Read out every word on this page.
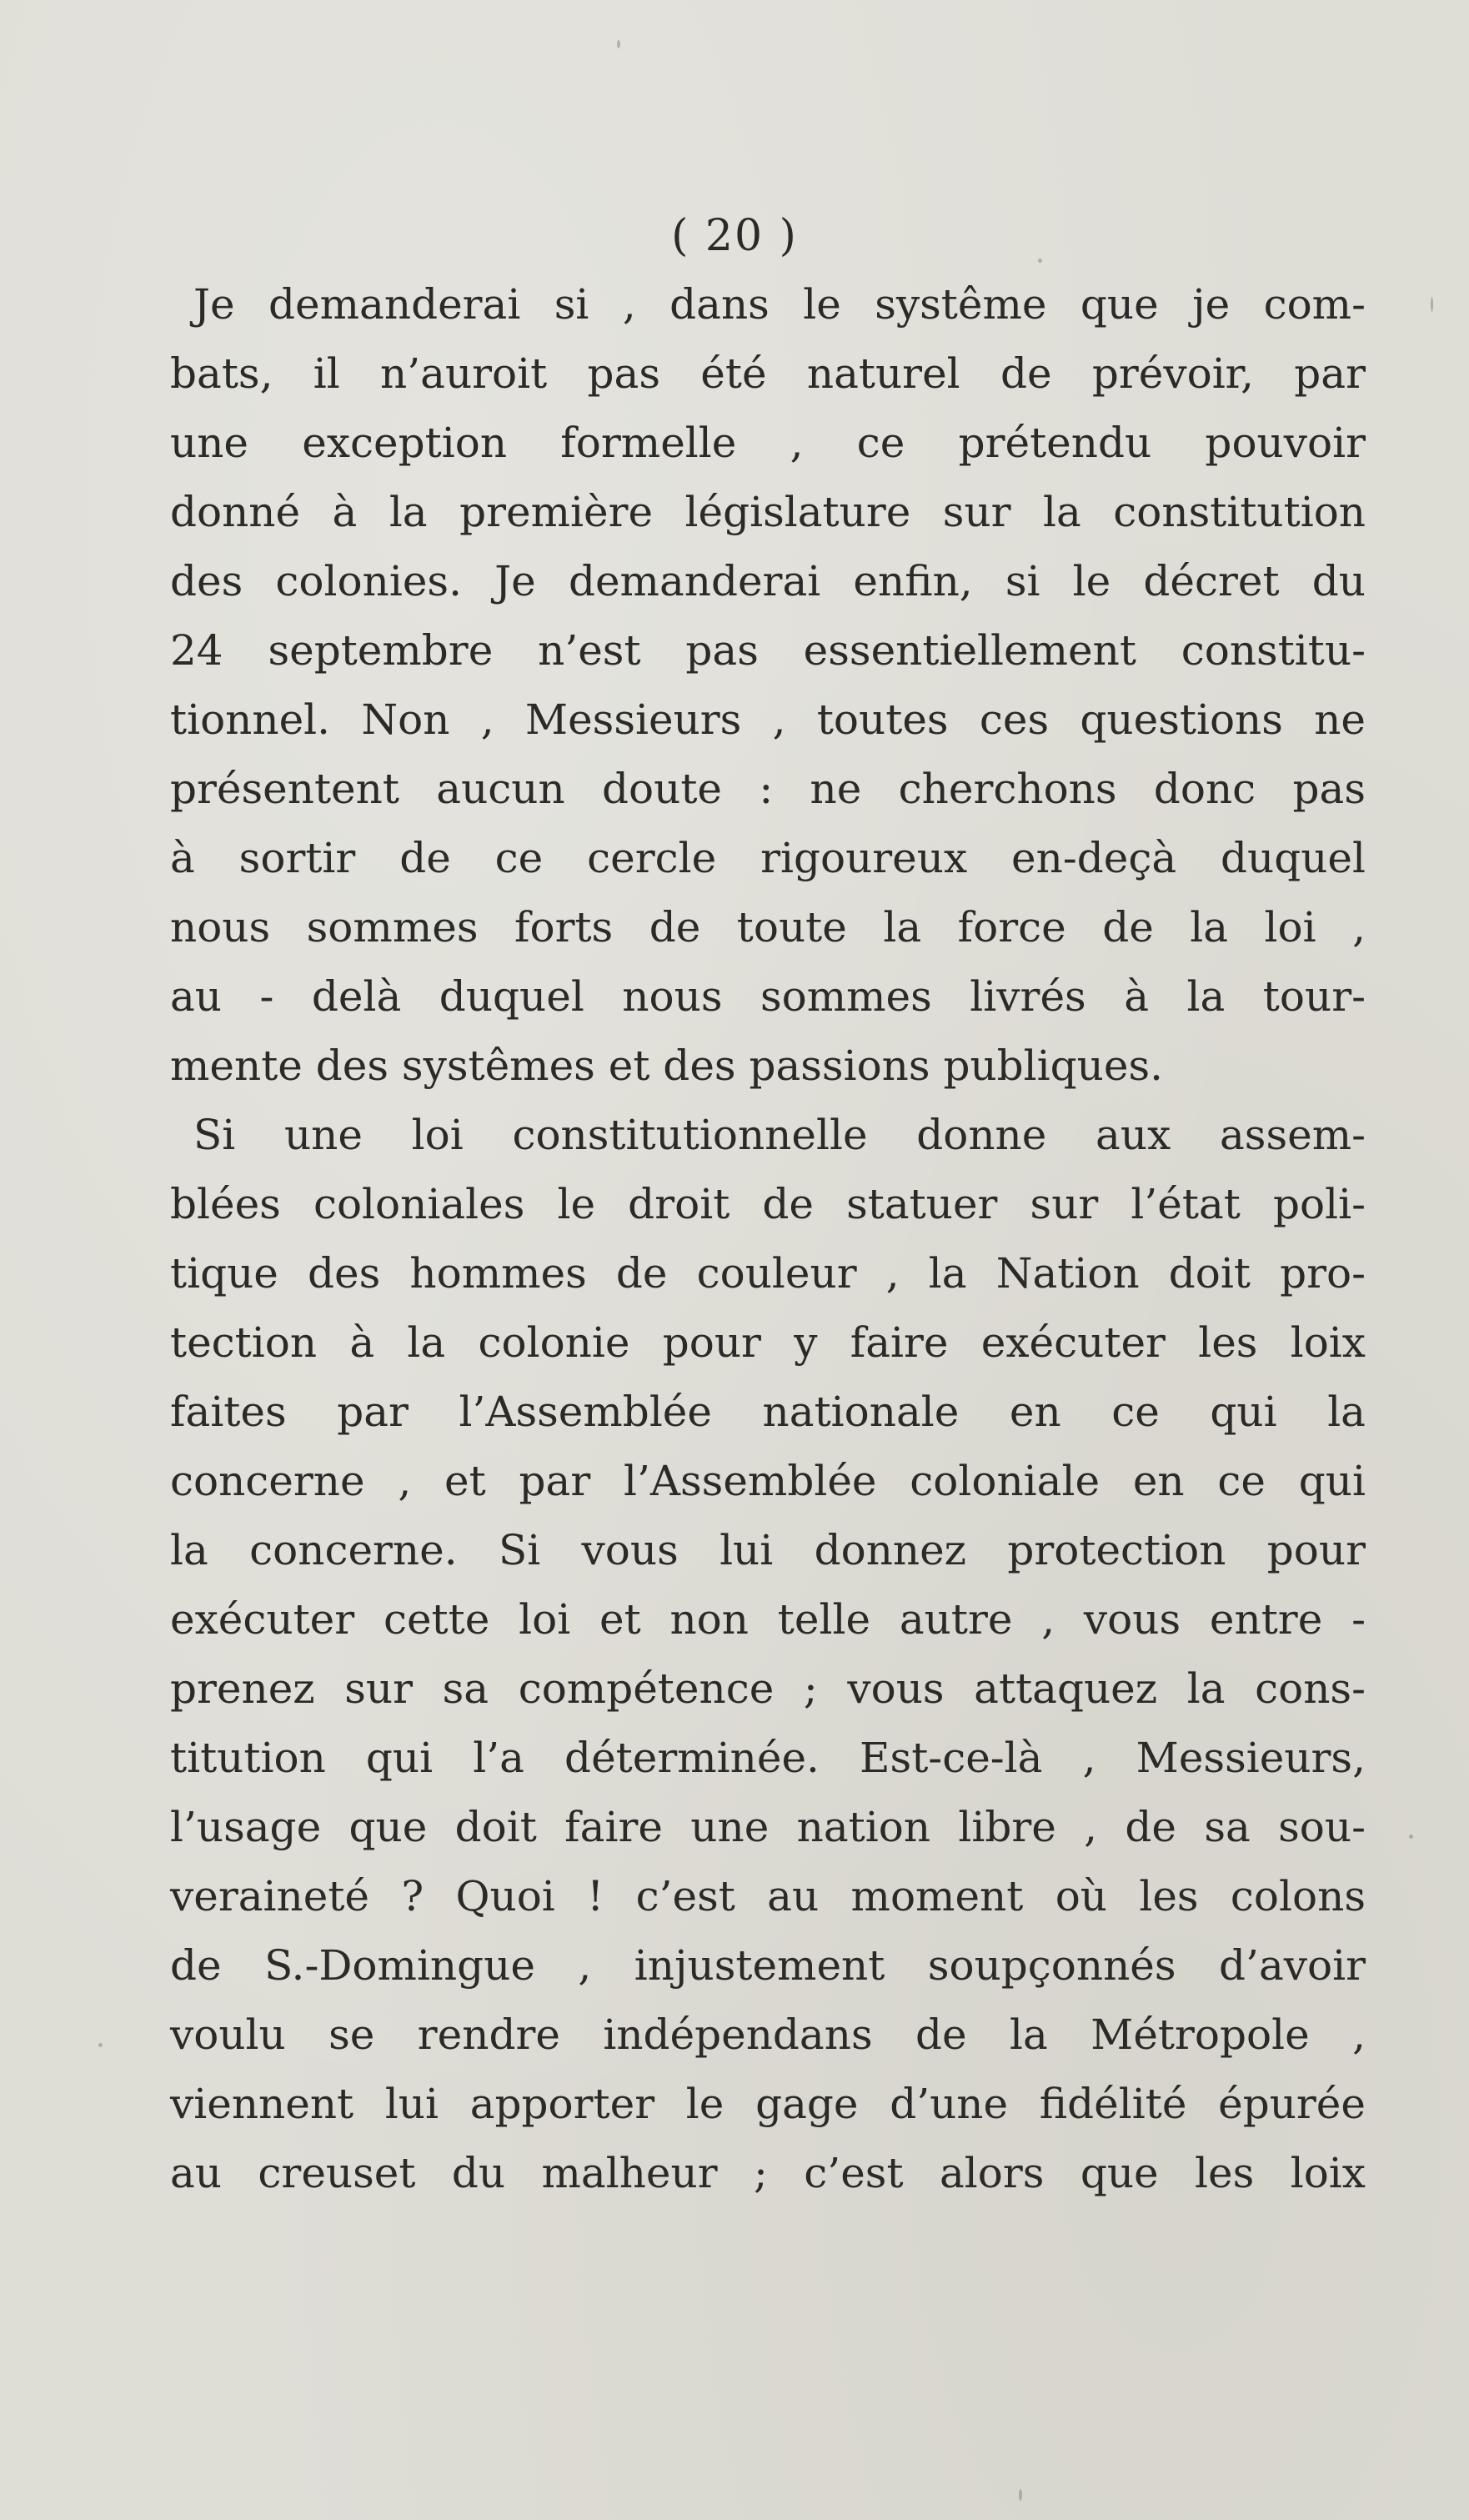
( 20 )
Je demanderai si , dans le systême que je com-
bats, il n’auroit pas été naturel de prévoir, par
une exception formelle , ce prétendu pouvoir
donné à la première législature sur la constitution
des colonies. Je demanderai enfin, si le décret du
24 septembre n’est pas essentiellement constitu-
tionnel. Non , Messieurs , toutes ces questions ne
présentent aucun doute : ne cherchons donc pas
à sortir de ce cercle rigoureux en-deçà duquel
nous sommes forts de toute la force de la loi ,
au - delà duquel nous sommes livrés à la tour-
mente des systêmes et des passions publiques.
Si une loi constitutionnelle donne aux assem-
blées coloniales le droit de statuer sur l’état poli-
tique des hommes de couleur , la Nation doit pro-
tection à la colonie pour y faire exécuter les loix
faites par l’Assemblée nationale en ce qui la
concerne , et par l’Assemblée coloniale en ce qui
la concerne. Si vous lui donnez protection pour
exécuter cette loi et non telle autre , vous entre -
prenez sur sa compétence ; vous attaquez la cons-
titution qui l’a déterminée. Est-ce-là , Messieurs,
l’usage que doit faire une nation libre , de sa sou-
veraineté ? Quoi ! c’est au moment où les colons
de S.-Domingue , injustement soupçonnés d’avoir
voulu se rendre indépendans de la Métropole ,
viennent lui apporter le gage d’une fidélité épurée
au creuset du malheur ; c’est alors que les loix
